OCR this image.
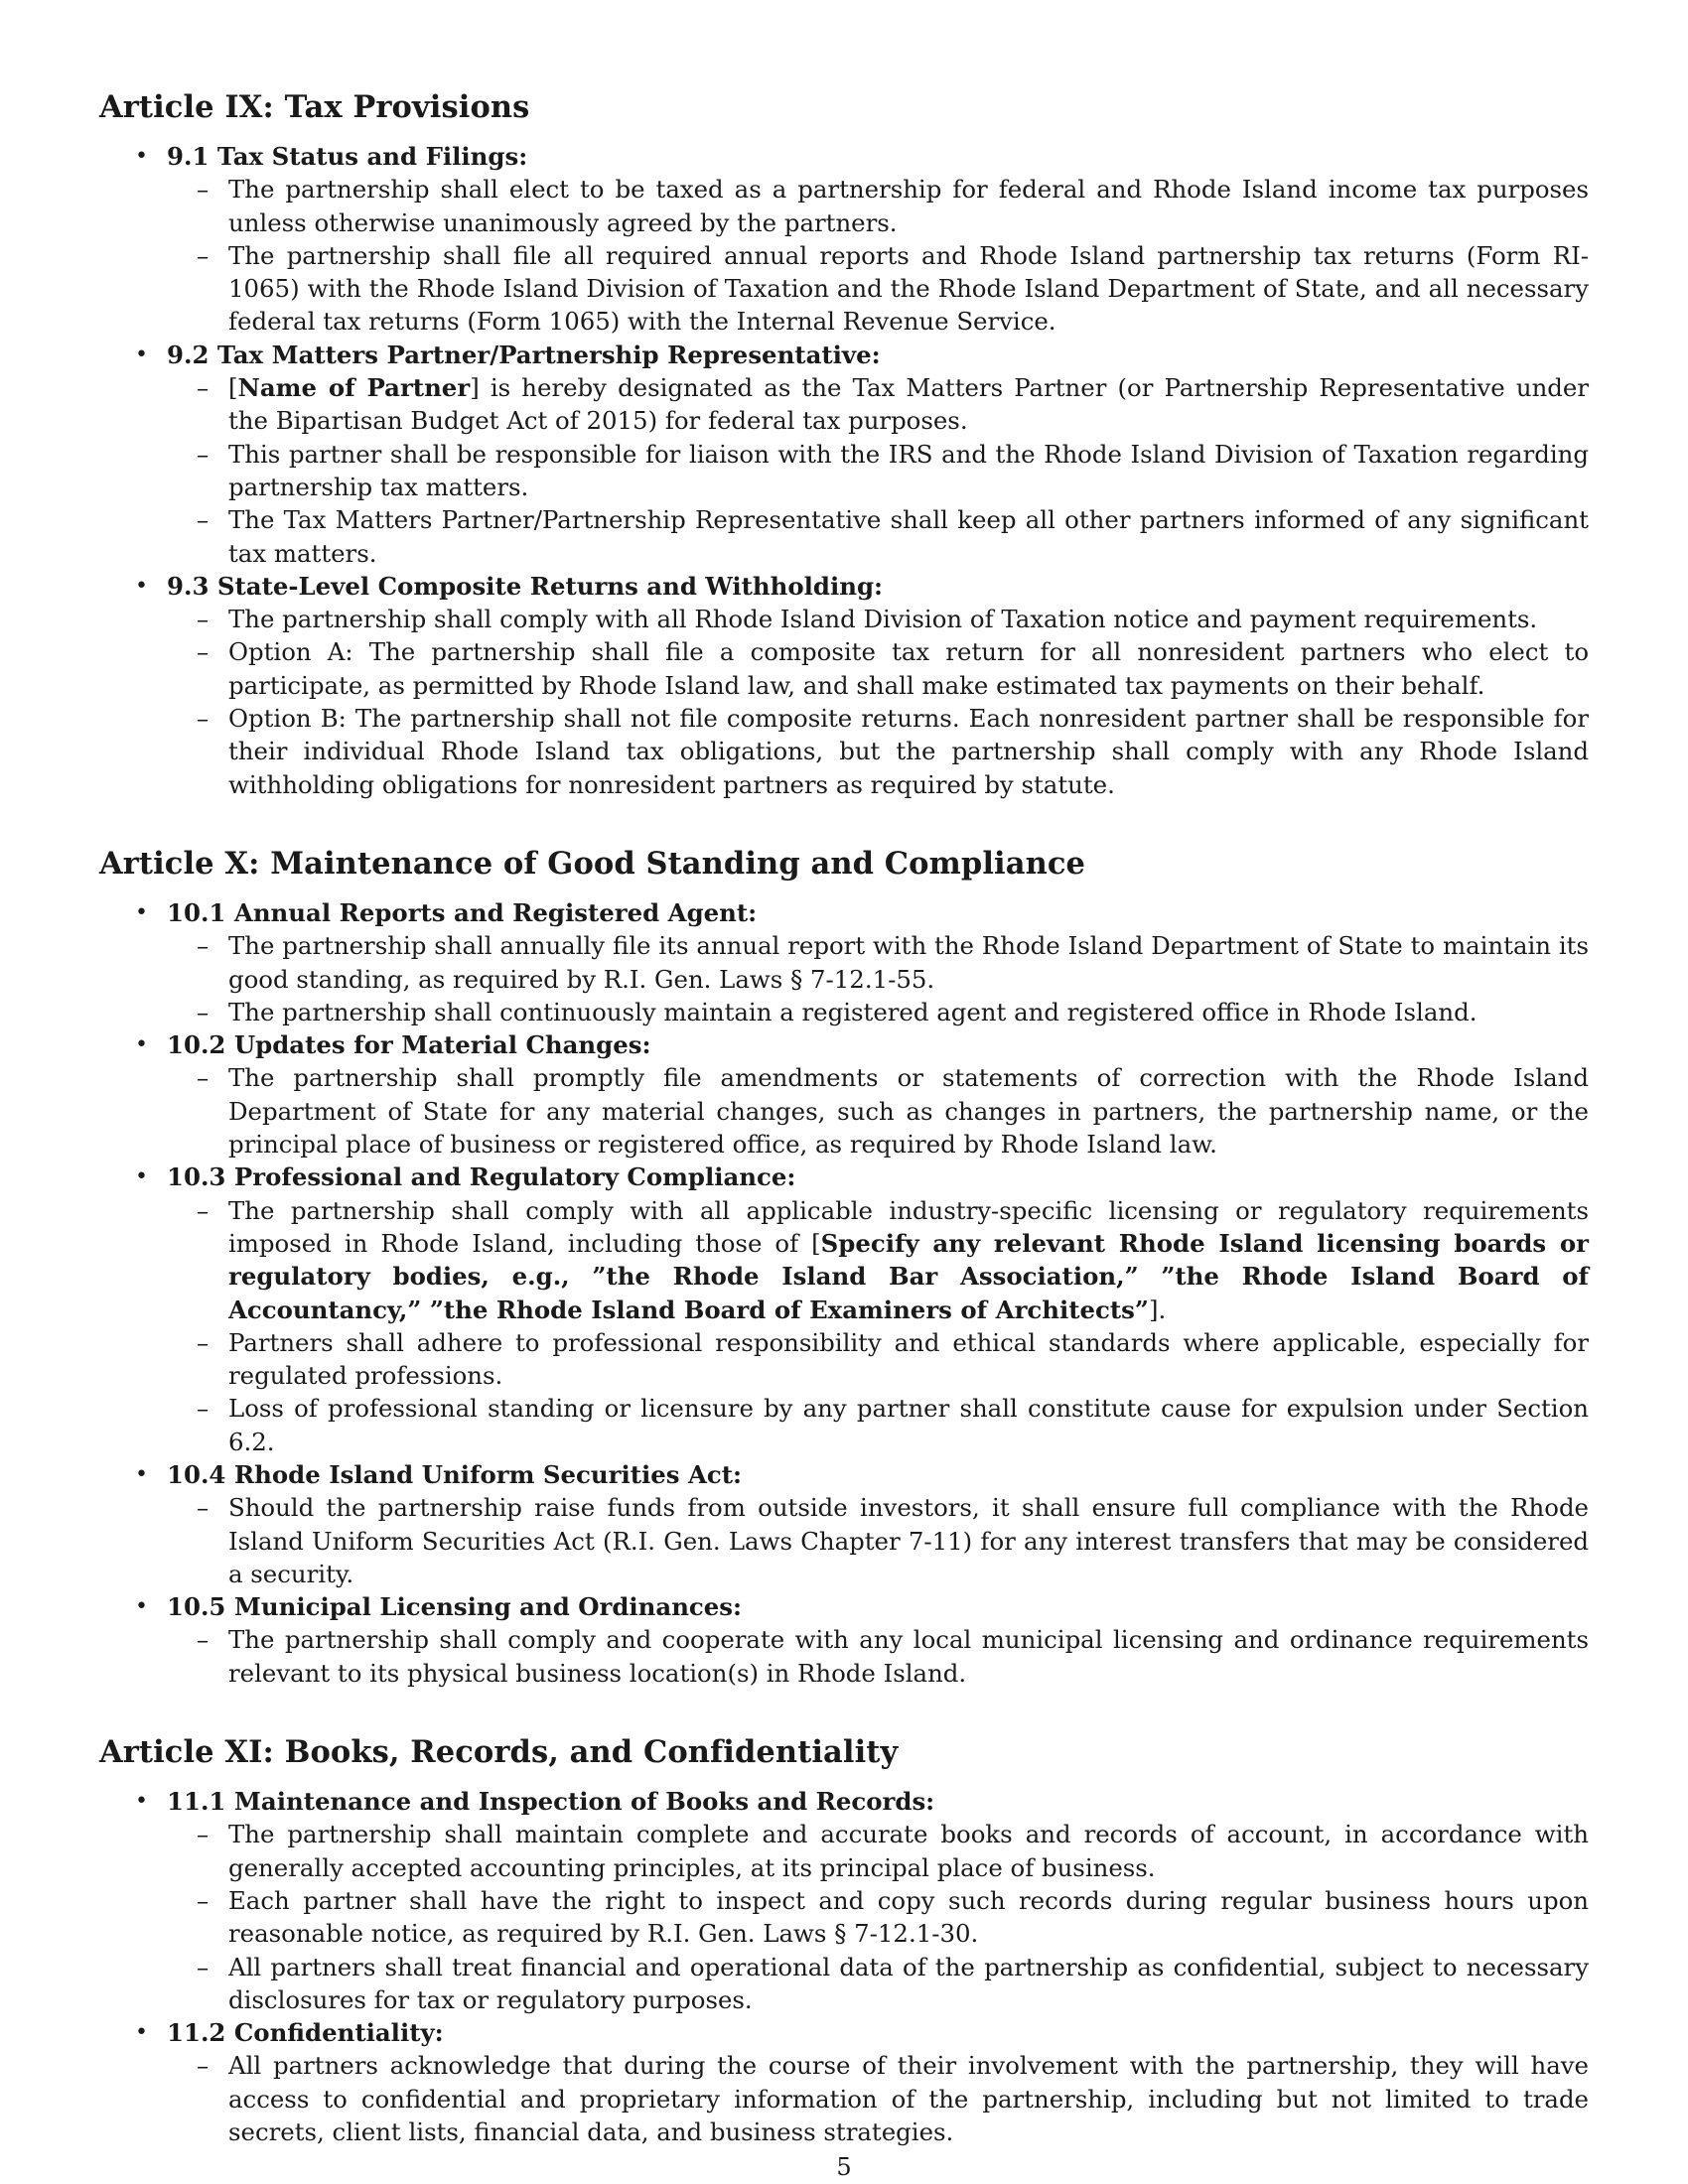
Article IX: Tax Provisions
• 9.1 Tax Status and Filings:
– The partnership shall elect to be taxed as a partnership for federal and Rhode Island income tax purposes unless otherwise unanimously agreed by the partners.
– The partnership shall file all required annual reports and Rhode Island partnership tax returns (Form RI-1065) with the Rhode Island Division of Taxation and the Rhode Island Department of State, and all necessary federal tax returns (Form 1065) with the Internal Revenue Service.
• 9.2 Tax Matters Partner/Partnership Representative:
– [Name of Partner] is hereby designated as the Tax Matters Partner (or Partnership Representative under the Bipartisan Budget Act of 2015) for federal tax purposes.
– This partner shall be responsible for liaison with the IRS and the Rhode Island Division of Taxation regarding partnership tax matters.
– The Tax Matters Partner/Partnership Representative shall keep all other partners informed of any significant tax matters.
• 9.3 State-Level Composite Returns and Withholding:
– The partnership shall comply with all Rhode Island Division of Taxation notice and payment requirements.
– Option A: The partnership shall file a composite tax return for all nonresident partners who elect to participate, as permitted by Rhode Island law, and shall make estimated tax payments on their behalf.
– Option B: The partnership shall not file composite returns. Each nonresident partner shall be responsible for their individual Rhode Island tax obligations, but the partnership shall comply with any Rhode Island withholding obligations for nonresident partners as required by statute.
Article X: Maintenance of Good Standing and Compliance
• 10.1 Annual Reports and Registered Agent:
– The partnership shall annually file its annual report with the Rhode Island Department of State to maintain its good standing, as required by R.I. Gen. Laws § 7-12.1-55.
– The partnership shall continuously maintain a registered agent and registered office in Rhode Island.
• 10.2 Updates for Material Changes:
– The partnership shall promptly file amendments or statements of correction with the Rhode Island Department of State for any material changes, such as changes in partners, the partnership name, or the principal place of business or registered office, as required by Rhode Island law.
• 10.3 Professional and Regulatory Compliance:
– The partnership shall comply with all applicable industry-specific licensing or regulatory requirements imposed in Rhode Island, including those of [Specify any relevant Rhode Island licensing boards or regulatory bodies, e.g., ”the Rhode Island Bar Association,” ”the Rhode Island Board of Accountancy,” ”the Rhode Island Board of Examiners of Architects”].
– Partners shall adhere to professional responsibility and ethical standards where applicable, especially for regulated professions.
– Loss of professional standing or licensure by any partner shall constitute cause for expulsion under Section 6.2.
• 10.4 Rhode Island Uniform Securities Act:
– Should the partnership raise funds from outside investors, it shall ensure full compliance with the Rhode Island Uniform Securities Act (R.I. Gen. Laws Chapter 7-11) for any interest transfers that may be considered a security.
• 10.5 Municipal Licensing and Ordinances:
– The partnership shall comply and cooperate with any local municipal licensing and ordinance requirements relevant to its physical business location(s) in Rhode Island.
Article XI: Books, Records, and Confidentiality
• 11.1 Maintenance and Inspection of Books and Records:
– The partnership shall maintain complete and accurate books and records of account, in accordance with generally accepted accounting principles, at its principal place of business.
– Each partner shall have the right to inspect and copy such records during regular business hours upon reasonable notice, as required by R.I. Gen. Laws § 7-12.1-30.
– All partners shall treat financial and operational data of the partnership as confidential, subject to necessary disclosures for tax or regulatory purposes.
• 11.2 Confidentiality:
– All partners acknowledge that during the course of their involvement with the partnership, they will have access to confidential and proprietary information of the partnership, including but not limited to trade secrets, client lists, financial data, and business strategies.
5
